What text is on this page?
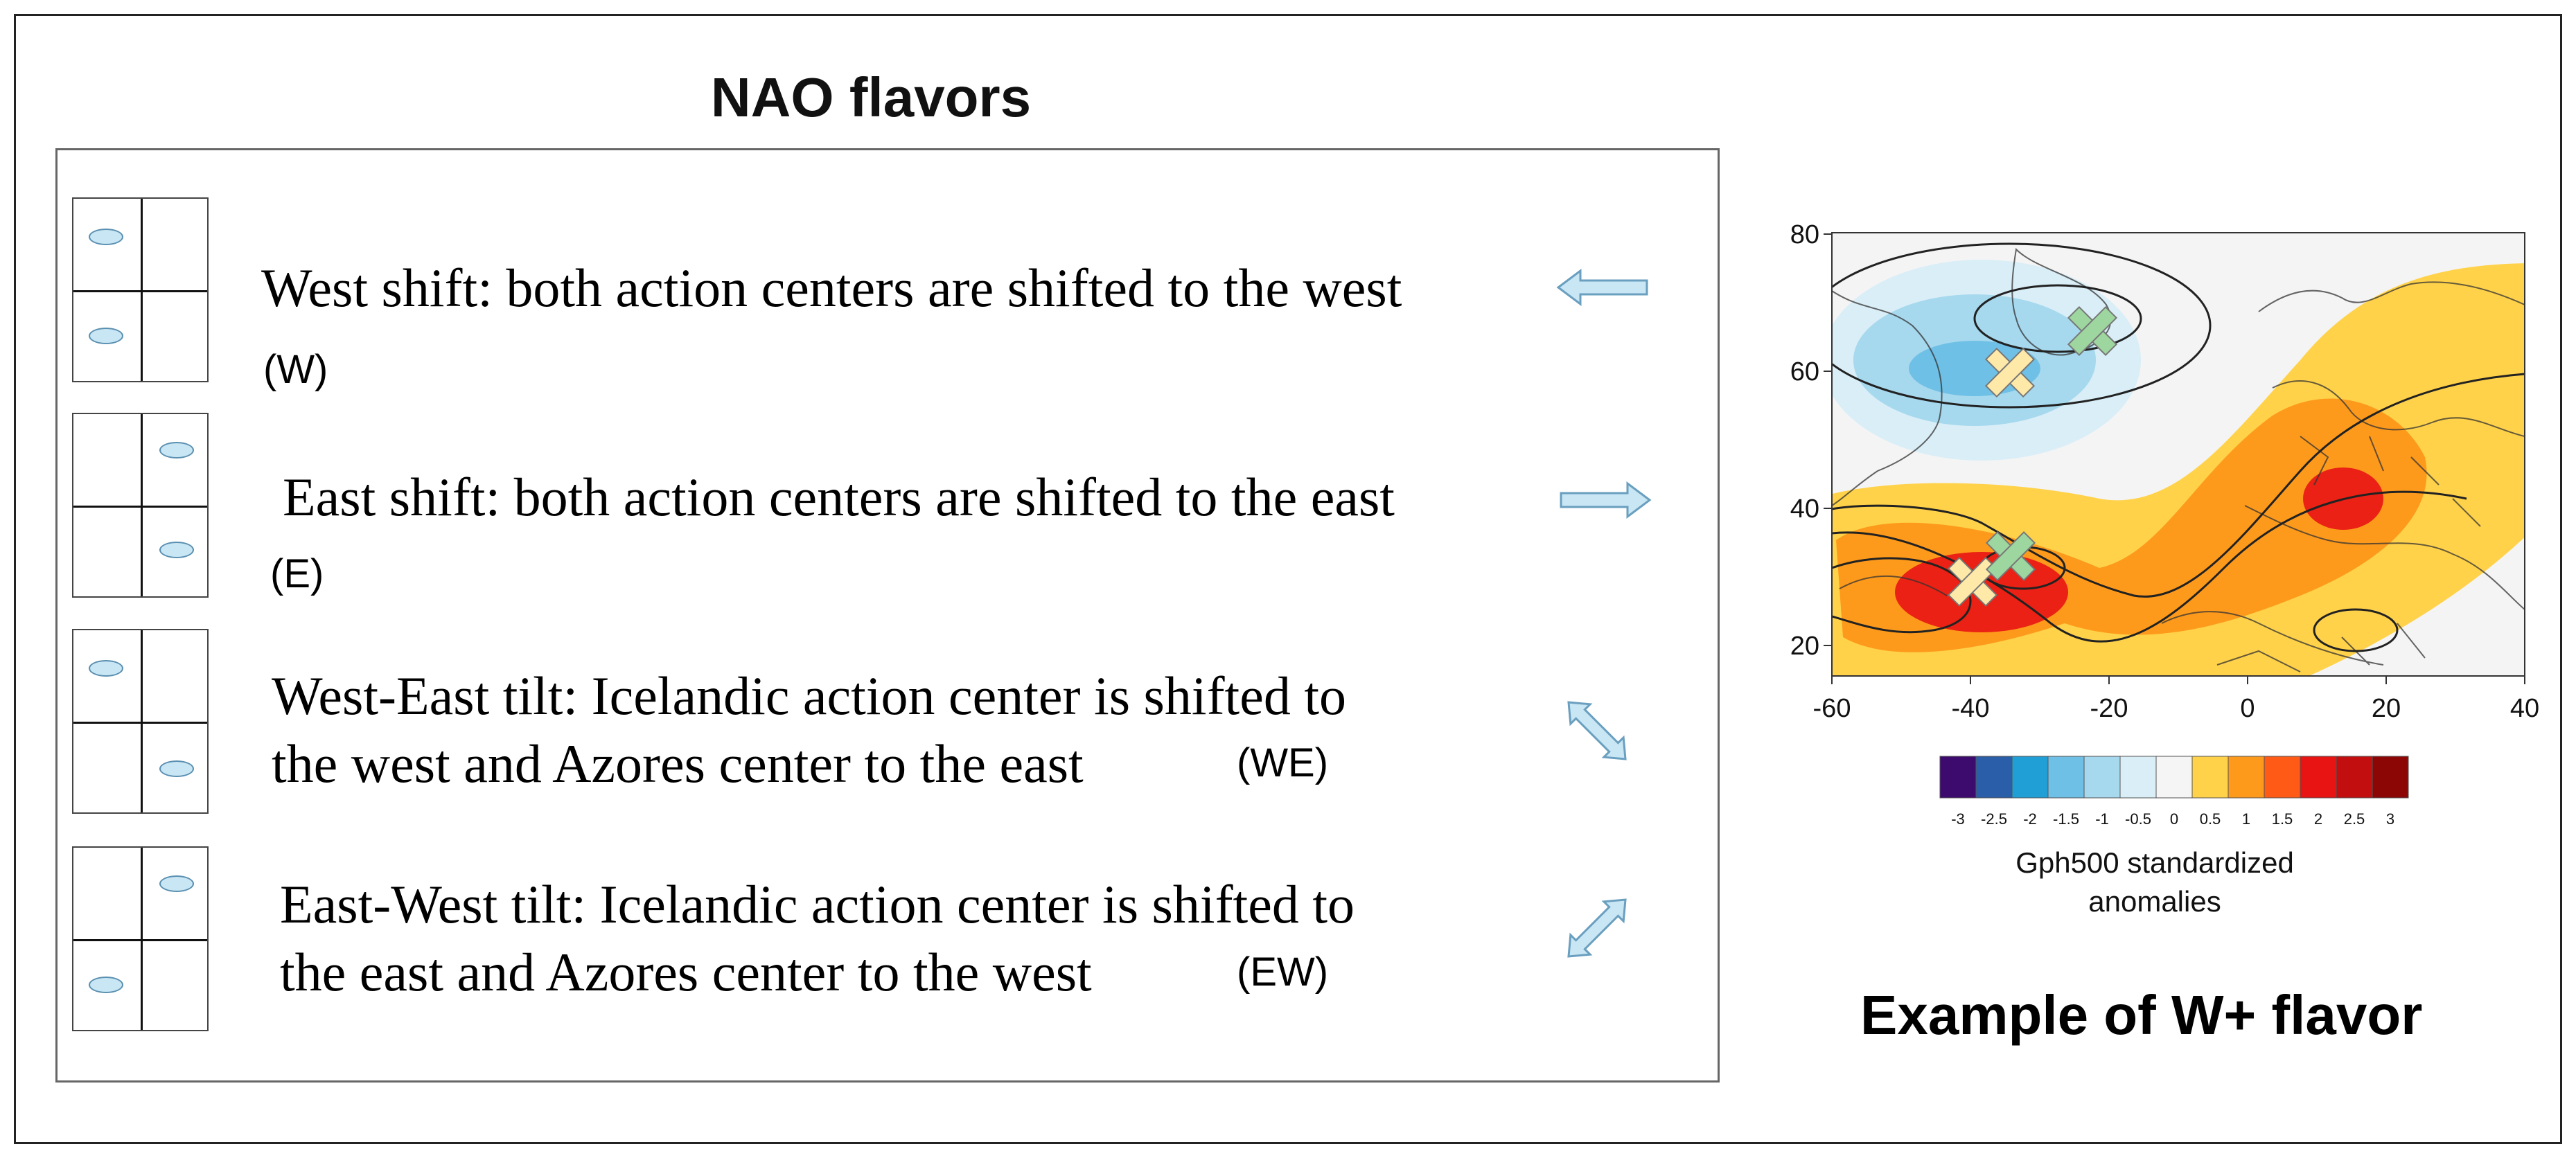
NAO flavors
West shift: both action centers are shifted to the west
(W)
East shift: both action centers are shifted to the east
(E)
West-East tilt: Icelandic action center is shifted to
the west and Azores center to the east	(WE)
East-West tilt: Icelandic action center is shifted to
the east and Azores center to the west	(EW)
-60	-40	-20	0	20	40
80
60
40
20
-3 -2.5 -2 -1.5 -1 -0.5 0 0.5 1 1.5 2 2.5 3
Gph500 standardized
anomalies
Example of W+ flavor
